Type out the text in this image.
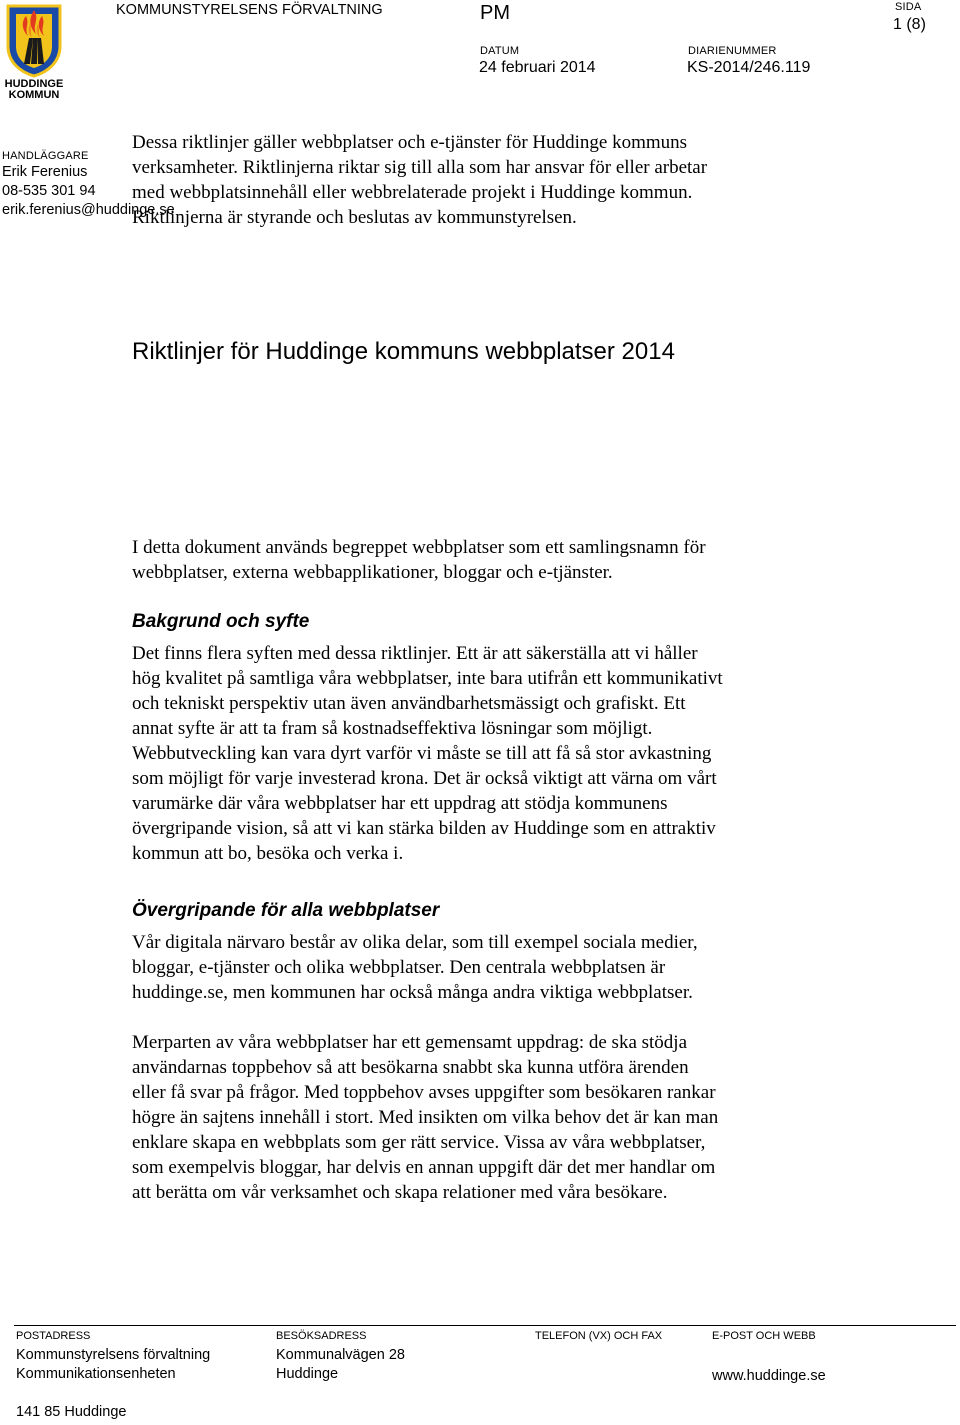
HUDDINGE
KOMMUN
KOMMUNSTYRELSENS FÖRVALTNING	PM	SIDA
1 (8)
DATUM
24 februari 2014
DIARIENUMMER
KS-2014/246.119
HANDLÄGGARE
Erik Ferenius
08-535 301 94
erik.ferenius@huddinge.se
Riktlinjer för Huddinge kommuns webbplatser 2014
Dessa riktlinjer gäller webbplatser och e-tjänster för Huddinge kommuns
verksamheter. Riktlinjerna riktar sig till alla som har ansvar för eller arbetar
med webbplatsinnehåll eller webbrelaterade projekt i Huddinge kommun.
Riktlinjerna är styrande och beslutas av kommunstyrelsen.
I detta dokument används begreppet webbplatser som ett samlingsnamn för
webbplatser, externa webbapplikationer, bloggar och e-tjänster.
Bakgrund och syfte
Det finns flera syften med dessa riktlinjer. Ett är att säkerställa att vi håller
hög kvalitet på samtliga våra webbplatser, inte bara utifrån ett kommunikativt
och tekniskt perspektiv utan även användbarhetsmässigt och grafiskt. Ett
annat syfte är att ta fram så kostnadseffektiva lösningar som möjligt.
Webbutveckling kan vara dyrt varför vi måste se till att få så stor avkastning
som möjligt för varje investerad krona. Det är också viktigt att värna om vårt
varumärke där våra webbplatser har ett uppdrag att stödja kommunens
övergripande vision, så att vi kan stärka bilden av Huddinge som en attraktiv
kommun att bo, besöka och verka i.
Övergripande för alla webbplatser
Vår digitala närvaro består av olika delar, som till exempel sociala medier,
bloggar, e-tjänster och olika webbplatser. Den centrala webbplatsen är
huddinge.se, men kommunen har också många andra viktiga webbplatser.
Merparten av våra webbplatser har ett gemensamt uppdrag: de ska stödja
användarnas toppbehov så att besökarna snabbt ska kunna utföra ärenden
eller få svar på frågor. Med toppbehov avses uppgifter som besökaren rankar
högre än sajtens innehåll i stort. Med insikten om vilka behov det är kan man
enklare skapa en webbplats som ger rätt service. Vissa av våra webbplatser,
som exempelvis bloggar, har delvis en annan uppgift där det mer handlar om
att berätta om vår verksamhet och skapa relationer med våra besökare.
POSTADRESS
Kommunstyrelsens förvaltning
Kommunikationsenheten
141 85 Huddinge
BESÖKSADRESS
Kommunalvägen 28
Huddinge
TELEFON (VX) OCH FAX	E-POST OCH WEBB
www.huddinge.se
